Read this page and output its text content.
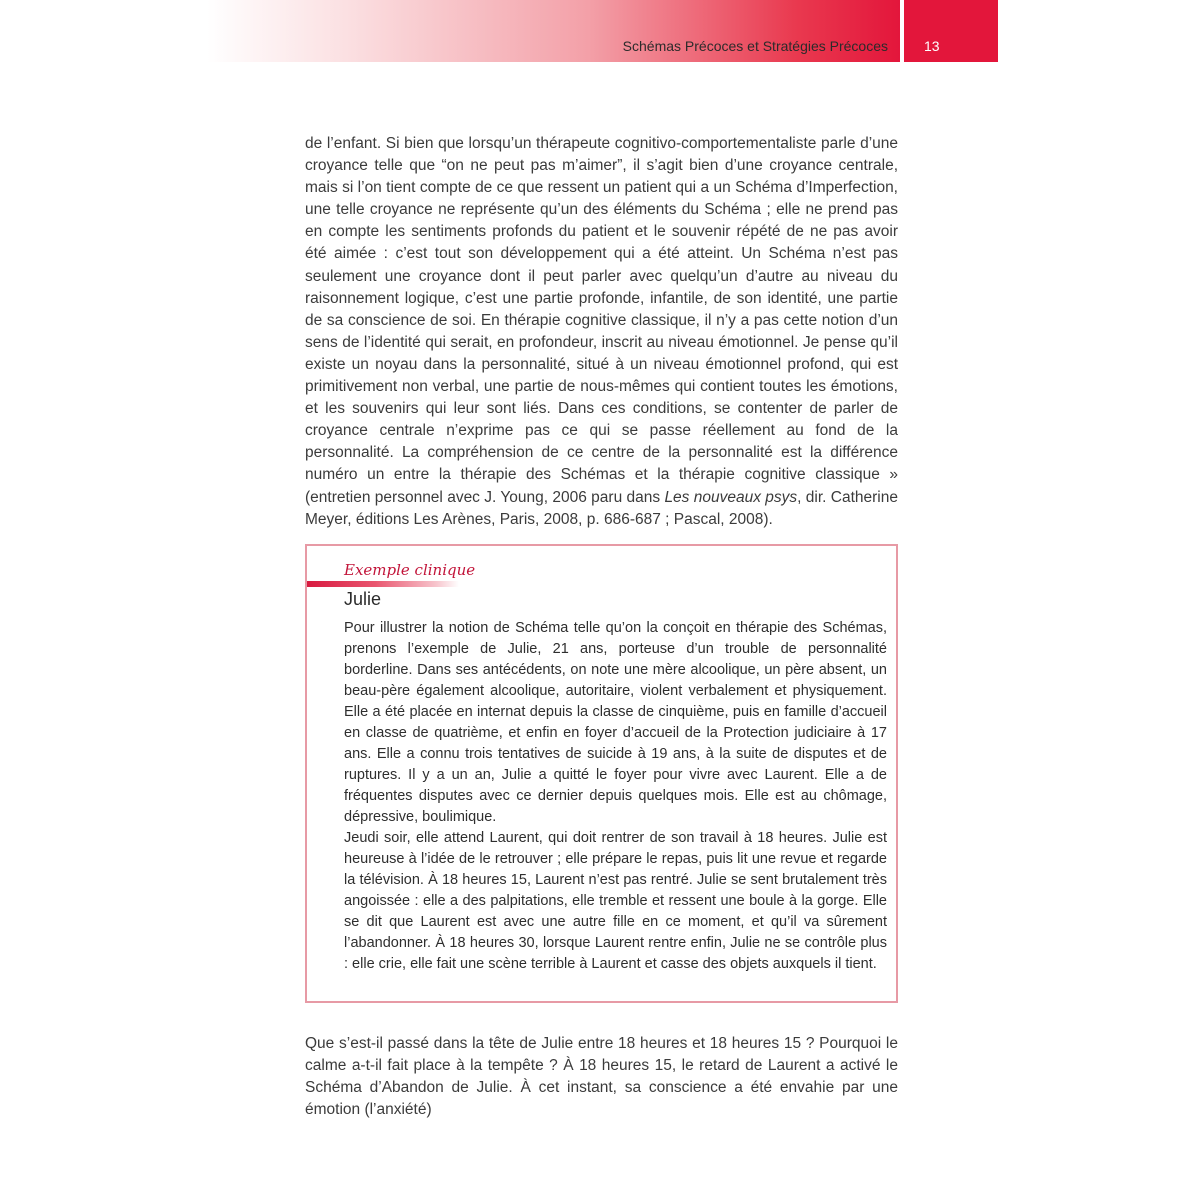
Schémas Précoces et Stratégies Précoces	13
de l’enfant. Si bien que lorsqu’un thérapeute cognitivo-comportementaliste parle d’une croyance telle que “on ne peut pas m’aimer”, il s’agit bien d’une croyance centrale, mais si l’on tient compte de ce que ressent un patient qui a un Schéma d’Imperfection, une telle croyance ne représente qu’un des éléments du Schéma ; elle ne prend pas en compte les sentiments profonds du patient et le souvenir répété de ne pas avoir été aimée : c’est tout son développement qui a été atteint. Un Schéma n’est pas seulement une croyance dont il peut parler avec quelqu’un d’autre au niveau du raisonnement logique, c’est une partie profonde, infantile, de son identité, une partie de sa conscience de soi. En thérapie cognitive classique, il n’y a pas cette notion d’un sens de l’identité qui serait, en profondeur, inscrit au niveau émotionnel. Je pense qu’il existe un noyau dans la personnalité, situé à un niveau émotionnel profond, qui est primitivement non verbal, une partie de nous-mêmes qui contient toutes les émotions, et les souvenirs qui leur sont liés. Dans ces conditions, se contenter de parler de croyance centrale n’exprime pas ce qui se passe réellement au fond de la personnalité. La compréhension de ce centre de la personnalité est la différence numéro un entre la thérapie des Schémas et la thérapie cognitive classique » (entretien personnel avec J. Young, 2006 paru dans Les nouveaux psys, dir. Catherine Meyer, éditions Les Arènes, Paris, 2008, p. 686-687 ; Pascal, 2008).
Exemple clinique
Julie

Pour illustrer la notion de Schéma telle qu’on la conçoit en thérapie des Schémas, prenons l’exemple de Julie, 21 ans, porteuse d’un trouble de personnalité borderline. Dans ses antécédents, on note une mère alcoolique, un père absent, un beau-père également alcoolique, autoritaire, violent verbalement et physiquement. Elle a été placée en internat depuis la classe de cinquième, puis en famille d’accueil en classe de quatrième, et enfin en foyer d’accueil de la Protection judiciaire à 17 ans. Elle a connu trois tentatives de suicide à 19 ans, à la suite de disputes et de ruptures. Il y a un an, Julie a quitté le foyer pour vivre avec Laurent. Elle a de fréquentes disputes avec ce dernier depuis quelques mois. Elle est au chômage, dépressive, boulimique.

Jeudi soir, elle attend Laurent, qui doit rentrer de son travail à 18 heures. Julie est heureuse à l’idée de le retrouver ; elle prépare le repas, puis lit une revue et regarde la télévision. À 18 heures 15, Laurent n’est pas rentré. Julie se sent brutalement très angoissée : elle a des palpitations, elle tremble et ressent une boule à la gorge. Elle se dit que Laurent est avec une autre fille en ce moment, et qu’il va sûrement l’abandonner. À 18 heures 30, lorsque Laurent rentre enfin, Julie ne se contrôle plus : elle crie, elle fait une scène terrible à Laurent et casse des objets auxquels il tient.

Que s’est-il passé dans la tête de Julie entre 18 heures et 18 heures 15 ? Pourquoi le calme a-t-il fait place à la tempête ? À 18 heures 15, le retard de Laurent a activé le Schéma d’Abandon de Julie. À cet instant, sa conscience a été envahie par une émotion (l’anxiété)
